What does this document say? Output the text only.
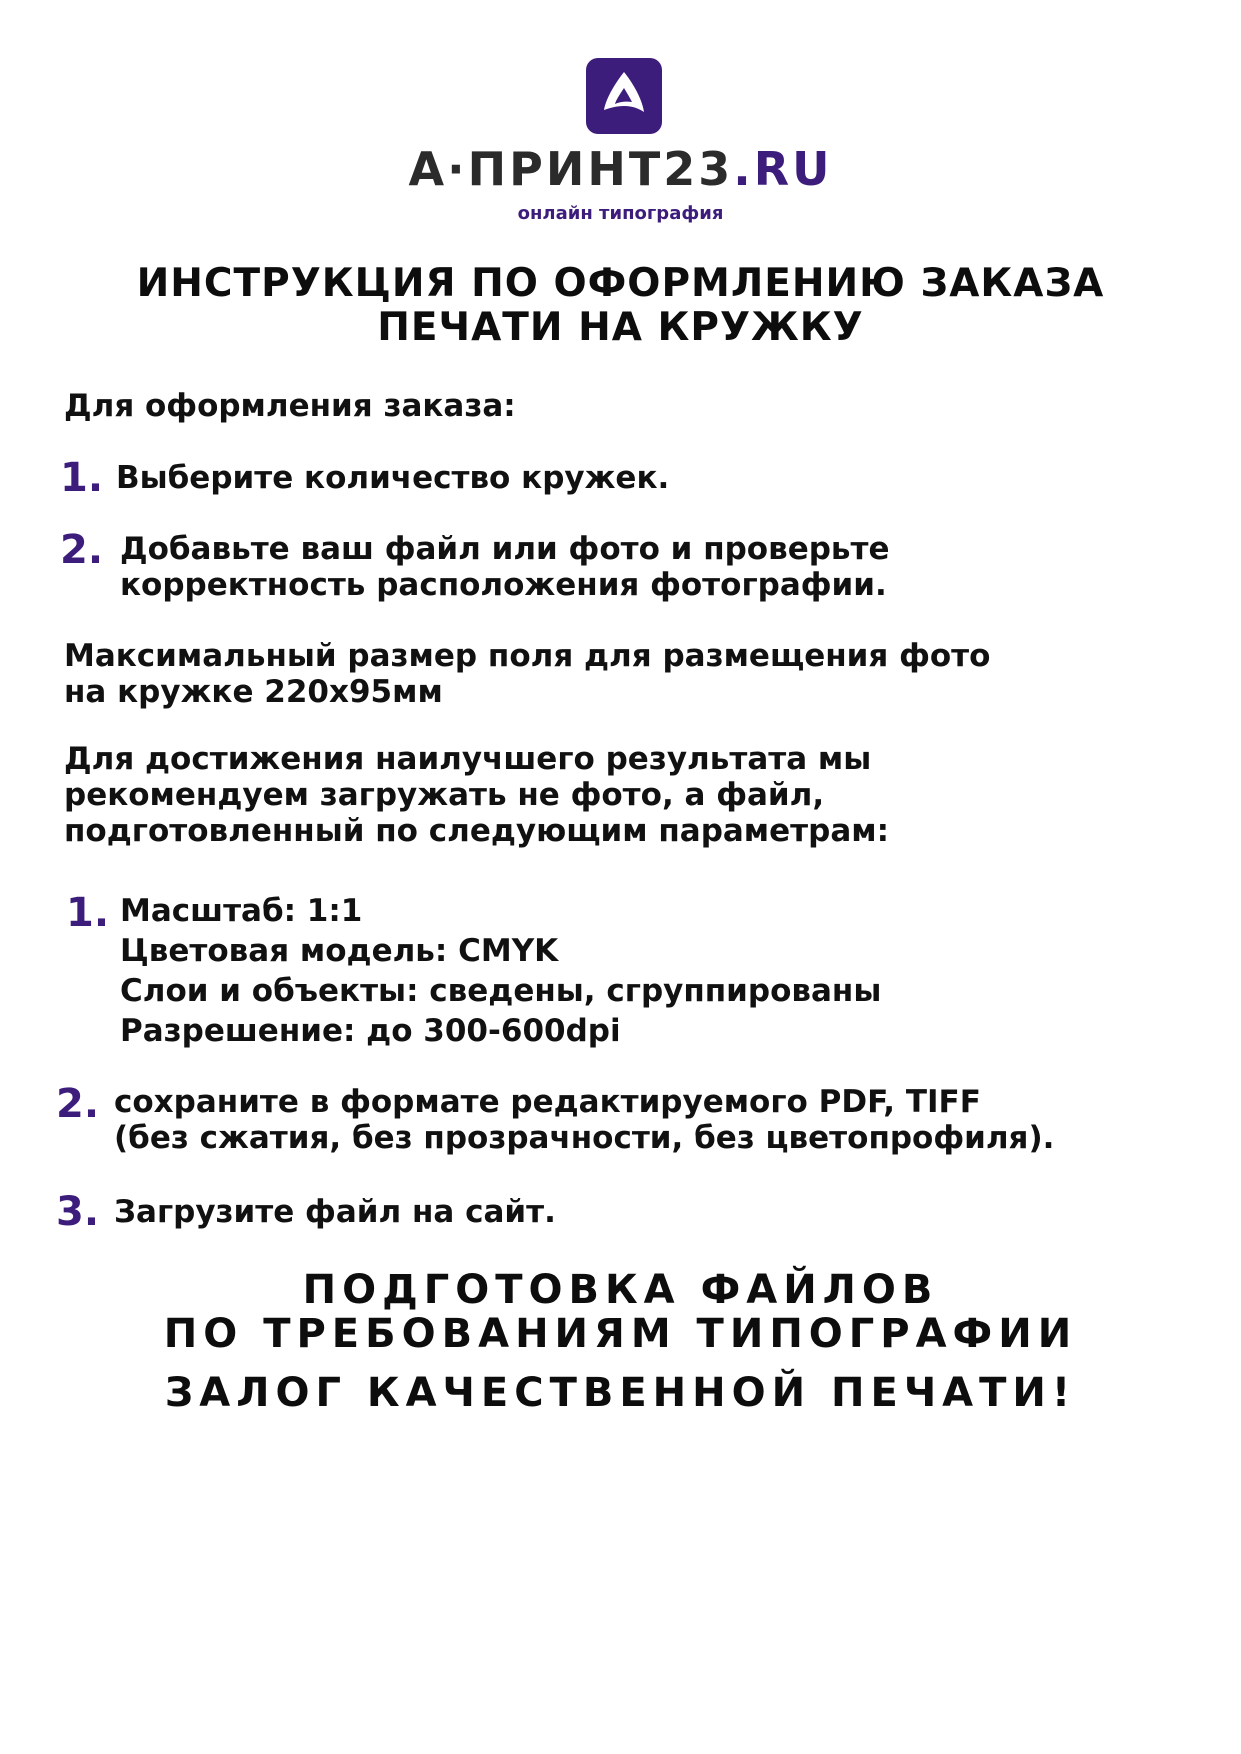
А·ПРИНТ23.RU
онлайн типография
ИНСТРУКЦИЯ ПО ОФОРМЛЕНИЮ ЗАКАЗА
ПЕЧАТИ НА КРУЖКУ
Для оформления заказа:
1. Выберите количество кружек.
2. Добавьте ваш файл или фото и проверьте
корректность расположения фотографии.
Максимальный размер поля для размещения фото
на кружке 220x95мм
Для достижения наилучшего результата мы
рекомендуем загружать не фото, а файл,
подготовленный по следующим параметрам:
1. Масштаб: 1:1
Цветовая модель: CMYK
Слои и объекты: сведены, сгруппированы
Разрешение: до 300-600dpi
2. сохраните в формате редактируемого PDF, TIFF
(без сжатия, без прозрачности, без цветопрофиля).
3. Загрузите файл на сайт.
ПОДГОТОВКА ФАЙЛОВ
ПО ТРЕБОВАНИЯМ ТИПОГРАФИИ
ЗАЛОГ КАЧЕСТВЕННОЙ ПЕЧАТИ!
